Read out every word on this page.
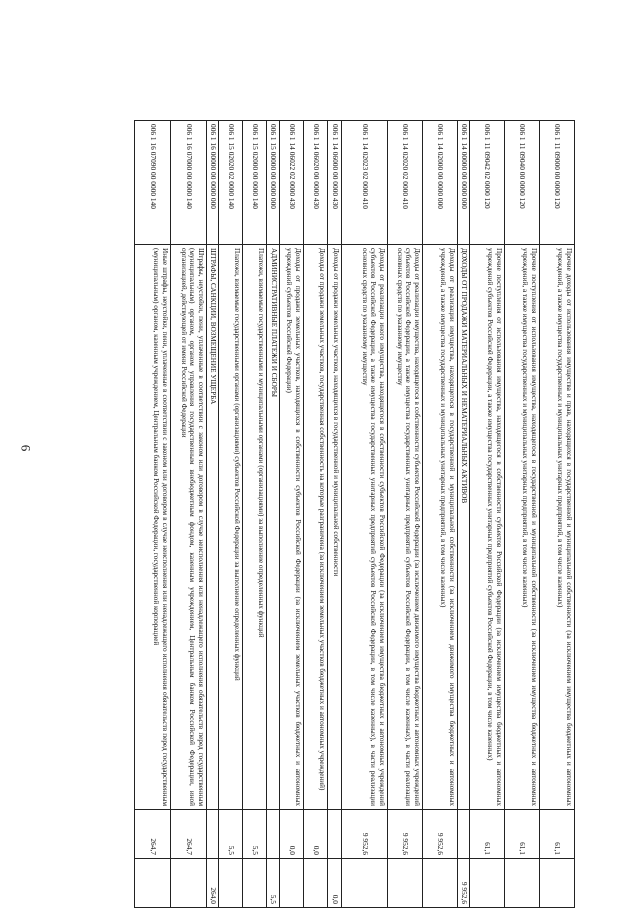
6
006 1 11 09000 00 0000 120	Прочие доходы от использования имущества и прав, находящихся в государственной и муниципальной собственности (за исключением имущества бюджетных и автономных учреждений, а также имущества государственных и муниципальных унитарных предприятий, в том числе казенных)	61,1	
006 1 11 09040 00 0000 120	Прочие поступления от использования имущества, находящегося в государственной и муниципальной собственности (за исключением имущества бюджетных и автономных учреждений, а также имущества государственных и муниципальных унитарных предприятий, в том числе казенных)	61,1	
006 1 11 09042 02 0000 120	Прочие поступления от использования имущества, находящегося в собственности субъектов Российской Федерации (за исключением имущества бюджетных и автономных учреждений субъектов Российской Федерации, а также имущества государственных унитарных предприятий субъектов Российской Федерации, в том числе казенных)	61,1	
006 1 14 00000 00 0000 000	ДОХОДЫ ОТ ПРОДАЖИ МАТЕРИАЛЬНЫХ И НЕМАТЕРИАЛЬНЫХ АКТИВОВ		9 952,6
006 1 14 02000 00 0000 000	Доходы от реализации имущества, находящегося в государственной и муниципальной собственности (за исключением движимого имущества бюджетных и автономных учреждений, а также имущества государственных и муниципальных унитарных предприятий, в том числе казенных)	9 952,6	
006 1 14 02020 02 0000 410	Доходы от реализации имущества, находящегося в собственности субъектов Российской Федерации (за исключением движимого имущества бюджетных и автономных учреждений субъектов Российской Федерации, а также имущества государственных унитарных предприятий субъектов Российской Федерации, в том числе казенных), в части реализации основных средств по указанному имуществу	9 952,6	
006 1 14 02023 02 0000 410	Доходы от реализации иного имущества, находящегося в собственности субъектов Российской Федерации (за исключением имущества бюджетных и автономных учреждений субъектов Российской Федерации, а также имущества государственных унитарных предприятий субъектов Российской Федерации, в том числе казенных), в части реализации основных средств по указанному имуществу	9 952,6	
006 1 14 06000 00 0000 430	Доходы от продажи земельных участков, находящихся в государственной и муниципальной собственности		0,0
006 1 14 06020 00 0000 430	Доходы от продажи земельных участков, государственная собственность на которые разграничена (за исключением земельных участков бюджетных и автономных учреждений)	0,0	
006 1 14 06022 02 0000 430	Доходы от продажи земельных участков, находящихся в собственности субъектов Российской Федерации (за исключением земельных участков бюджетных и автономных учреждений субъектов Российской Федерации)	0,0	
006 1 15 00000 00 0000 000	АДМИНИСТРАТИВНЫЕ ПЛАТЕЖИ И СБОРЫ		5,5
006 1 15 02000 00 0000 140	Платежи, взимаемые государственными и муниципальными органами (организациями) за выполнение определенных функций	5,5	
006 1 15 02020 02 0000 140	Платежи, взимаемые государственными органами (организациями) субъектов Российской Федерации за выполнение определенных функций	5,5	
006 1 16 00000 00 0000 000	ШТРАФЫ, САНКЦИИ, ВОЗМЕЩЕНИЕ УЩЕРБА		264,0
006 1 16 07000 00 0000 140	Штрафы, неустойки, пени, уплаченные в соответствии с законом или договором в случае неисполнения или ненадлежащего исполнения обязательств перед государственным (муниципальным) органом, органом управления государственным внебюджетным фондом, казенным учреждением, Центральным банком Российской Федерации, иной организацией, действующей от имени Российской Федерации	264,7	
006 1 16 07090 00 0000 140	Иные штрафы, неустойки, пени, уплаченные в соответствии с законом или договором в случае неисполнения или ненадлежащего исполнения обязательств перед государственным (муниципальным) органом, казенным учреждением, Центральным банком Российской Федерации, государственной корпорацией	264,7	
